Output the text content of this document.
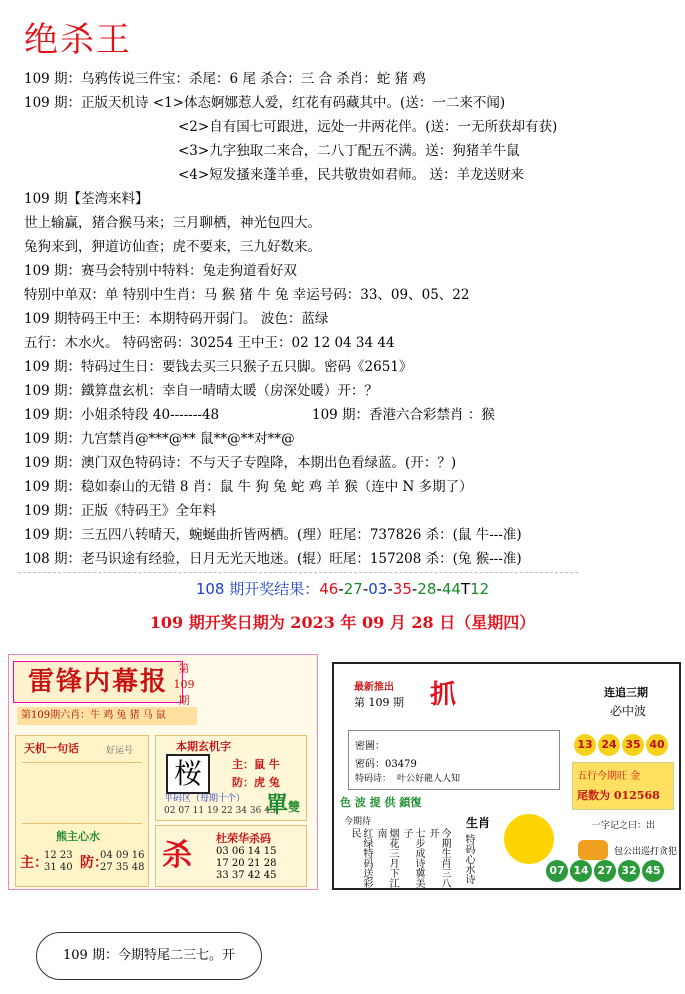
绝杀王
109 期：乌鸦传说三件宝：杀尾：6 尾 杀合：三 合 杀肖：蛇 猪 鸡
109 期：正版天机诗 <1>体态婀娜惹人爱，红花有码藏其中。(送：一二来不闻)
<2>自有国七可跟进，远处一井两花伴。(送：一无所获却有获)
<3>九字独取二来合，二八丁配五不满。送：狗猪羊牛鼠
<4>短发搔来蓬羊垂，民共敬贵如君师。 送：羊龙送财来
109 期【荃湾来料】
世上输赢，猪合猴马来；三月聊栖，神光包四大。
兔狗来到，狎道访仙查；虎不要来，三九好数来。
109 期：赛马会特别中特料：兔走狗道看好双
特别中单双：单 特别中生肖：马 猴 猪 牛 兔 幸运号码：33、09、05、22
109 期特码王中王：本期特码开弱门。 波色：蓝绿
五行：木水火。 特码密码：30254 王中王：02 12 04 34 44
109 期：特码过生日：要钱去买三只猴子五只脚。密码《2651》
109 期：鐵算盘玄机：幸自一晴晴太暖（房深处暖）开：？
109 期：小姐杀特段 40-------48	109 期：香港六合彩禁肖 ：猴
109 期：九宫禁肖@***@** 鼠**@**对**@
109 期：澳门双色特码诗：不与天子专隍降，本期出色看绿蓝。(开：？)
109 期：稳如泰山的无错 8 肖：鼠 牛 狗 兔 蛇 鸡 羊 猴（连中 N 多期了）
109 期：正版《特码王》全年料
109 期：三五四八转晴天，蜿蜒曲折皆两栖。(理）旺尾：737826 杀：(鼠 牛---准)
108 期：老马识途有经验，日月无光天地迷。(辊）旺尾：157208 杀：(兔 猴---准)
108 期开奖结果：46-27-03-35-28-44T12
109 期开奖日期为 2023 年 09 月 28 日（星期四）
雷锋内幕报 第
109
期
第109期六肖：牛 鸡 兔 猪 马 鼠
天机一句话	好运号
熊主心水
主： 防：
12 23 31 40
04 09 16 27 35 48
本期玄机字
桜	主：鼠 牛
防：虎 兔
平码区（每期十个）
02 07 11 19 22 34 36 43
單 雙
杀 杜荣华杀码
03 06 14 15
17 20 21 28
33 37 42 45
最新推出
第 109 期 抓	连追三期
必中波
13 24 35 40
密圖：
密码：03479
特码诗： 叶公好龍人人知	五行今期旺 金
尾数为 012568
色 波 提 供 鎖復
今期待	生肖
红绿特码送彩民	烟花三月下江南	七步成诗冀美子	今期生肖三八开
特码心水诗
一字记之曰：出
包公出巡打贪犯
07 14 27 32 45
109 期：今期特尾二三七。开
